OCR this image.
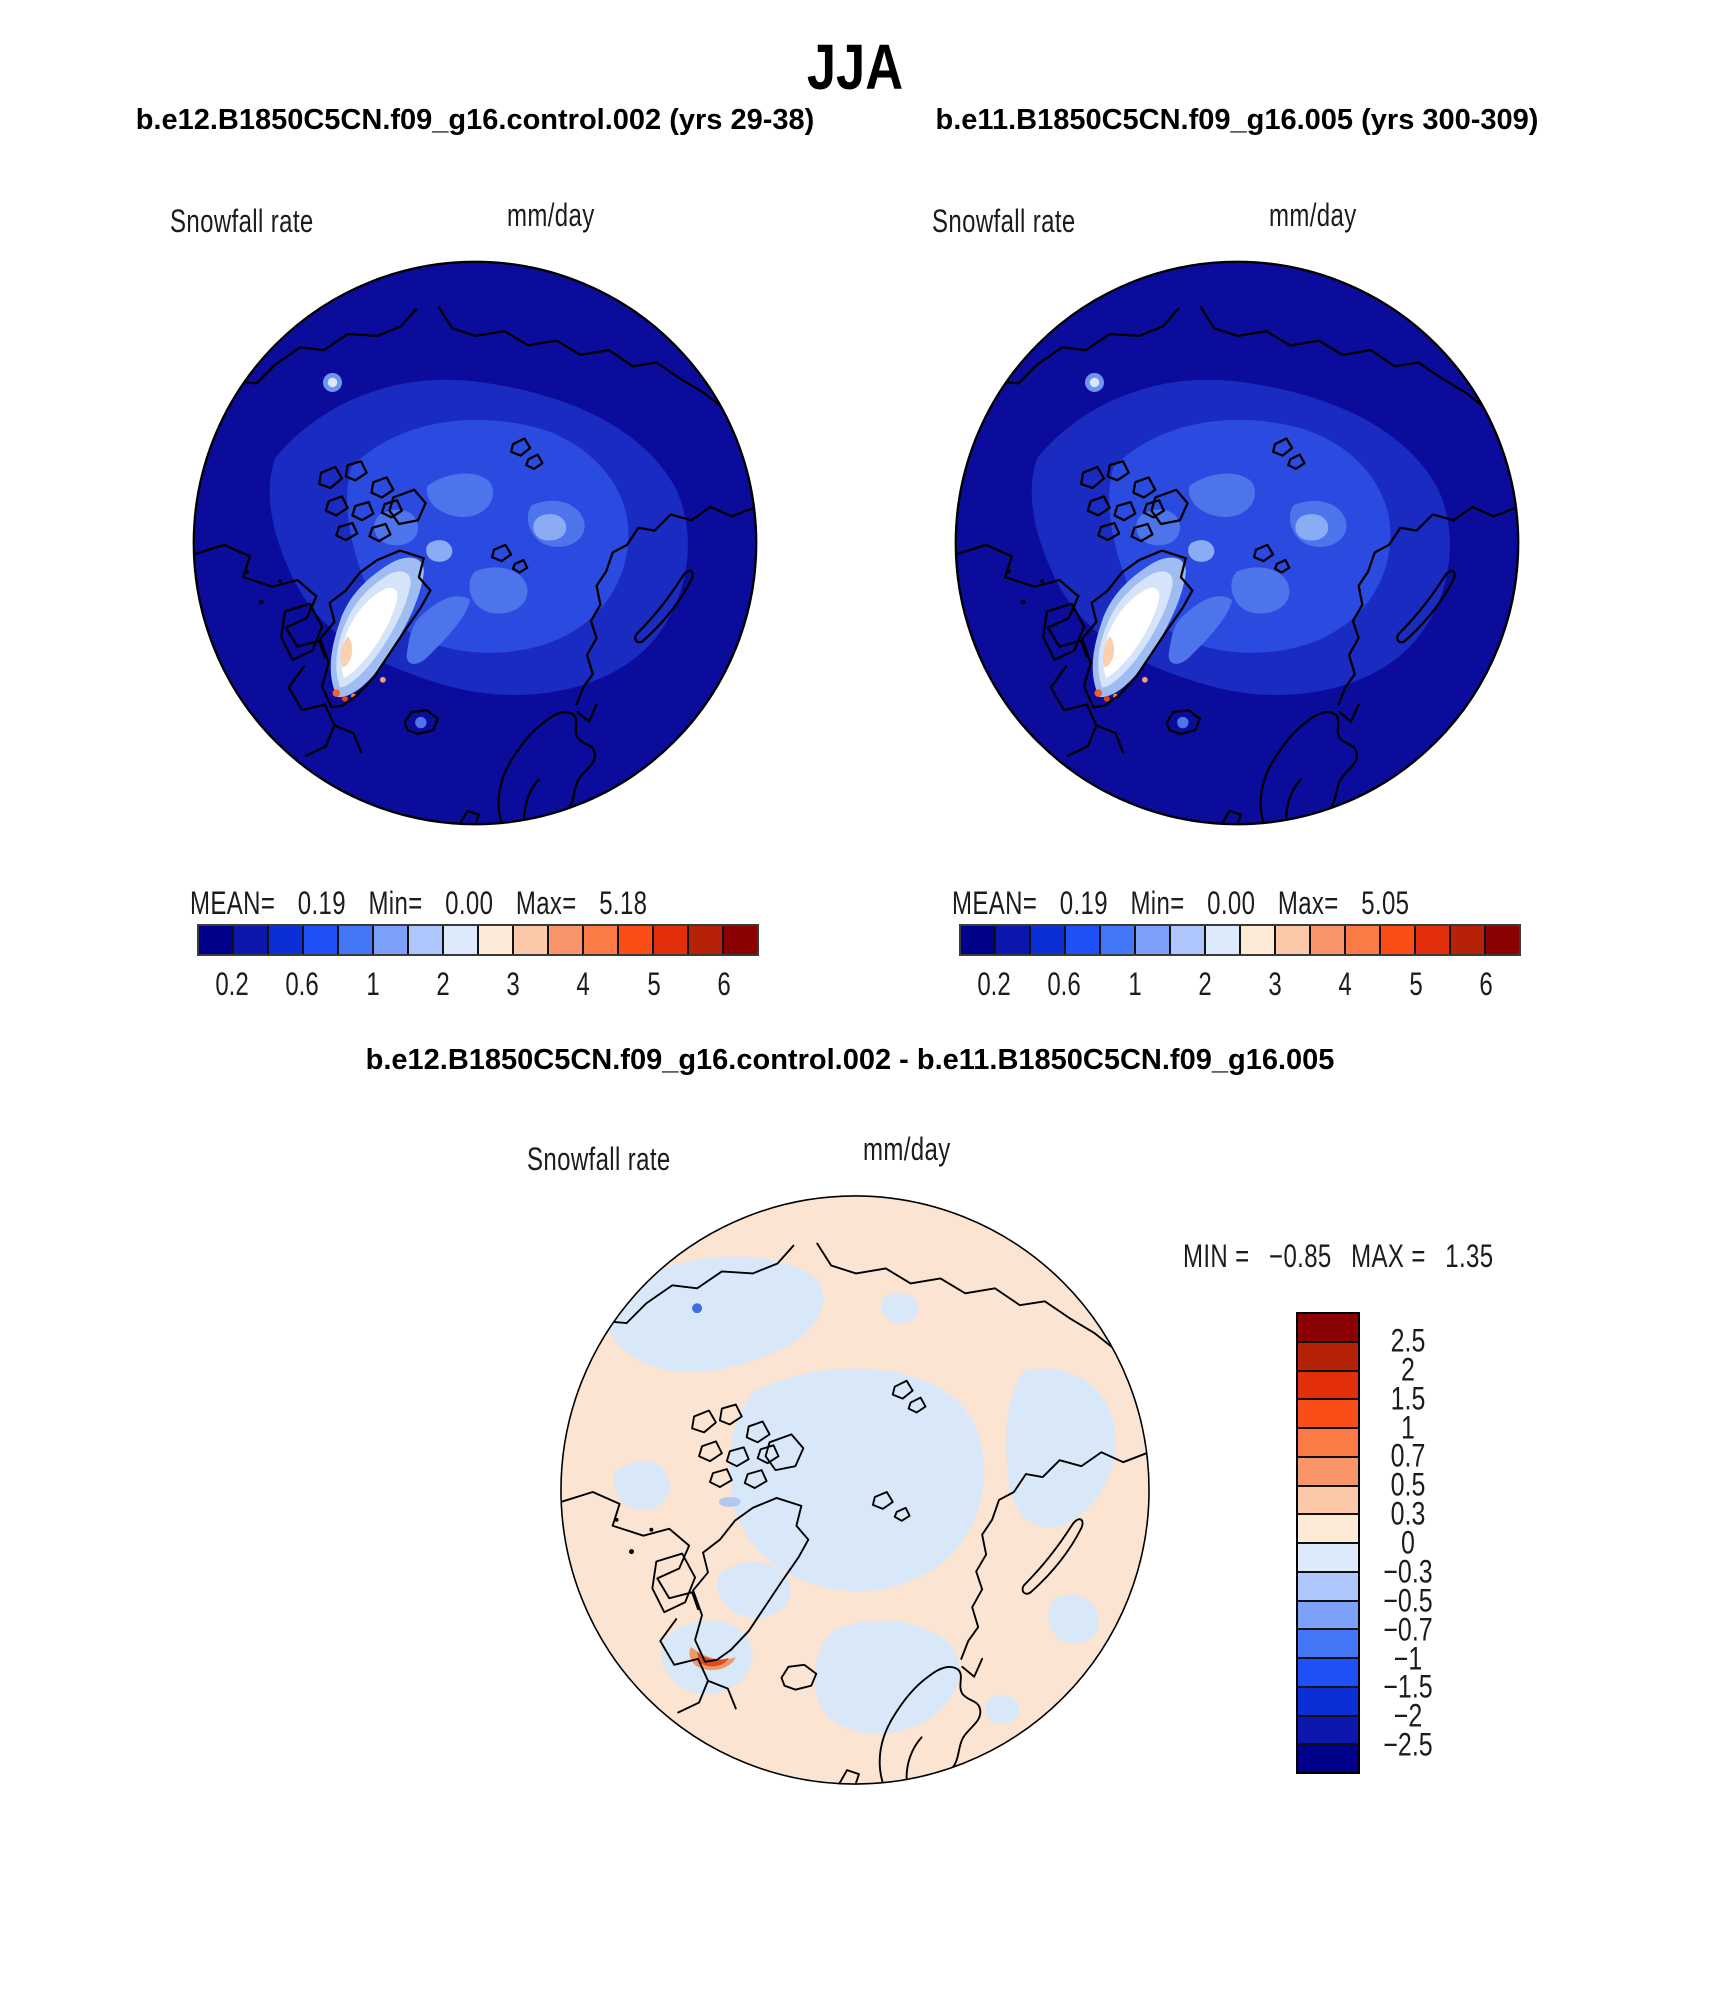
JJA
b.e12.B1850C5CN.f09_g16.control.002 (yrs 29-38)	b.e11.B1850C5CN.f09_g16.005 (yrs 300-309)
Snowfall rate	mm/day
MEAN= 0.19 Min= 0.00 Max= 5.18
0.2 0.6 1 2 3 4 5 6
Snowfall rate	mm/day
MEAN= 0.19 Min= 0.00 Max= 5.05
0.2 0.6 1 2 3 4 5 6
b.e12.B1850C5CN.f09_g16.control.002 - b.e11.B1850C5CN.f09_g16.005
Snowfall rate	mm/day
MIN = −0.85 MAX = 1.35
2.5
2
1.5
1
0.7
0.5
0.3
0
−0.3
−0.5
−0.7
−1
−1.5
−2
−2.5
